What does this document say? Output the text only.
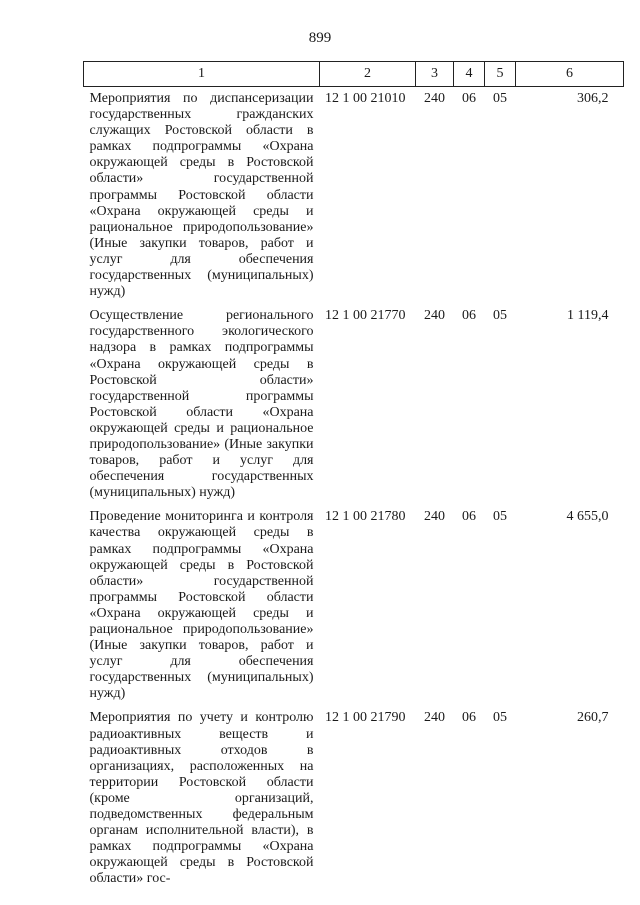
899
1	2	3	4	5	6
Мероприятия по диспансеризации государственных гражданских служащих Ростовской области в рамках подпрограммы «Охрана окружающей среды в Ростовской области» государственной программы Ростовской области «Охрана окружающей среды и рациональное природопользование» (Иные закупки товаров, работ и услуг для обеспечения государственных (муниципальных) нужд)	12 1 00 21010	240	06	05	306,2
Осуществление регионального государственного экологического надзора в рамках подпрограммы «Охрана окружающей среды в Ростовской области» государственной программы Ростовской области «Охрана окружающей среды и рациональное природопользование» (Иные закупки товаров, работ и услуг для обеспечения государственных (муниципальных) нужд)	12 1 00 21770	240	06	05	1 119,4
Проведение мониторинга и контроля качества окружающей среды в рамках подпрограммы «Охрана окружающей среды в Ростовской области» государственной программы Ростовской области «Охрана окружающей среды и рациональное природопользование» (Иные закупки товаров, работ и услуг для обеспечения государственных (муниципальных) нужд)	12 1 00 21780	240	06	05	4 655,0
Мероприятия по учету и контролю радиоактивных веществ и радиоактивных отходов в организациях, расположенных на территории Ростовской области (кроме организаций, подведомственных федеральным органам исполнительной власти), в рамках подпрограммы «Охрана окружающей среды в Ростовской области» гос-	12 1 00 21790	240	06	05	260,7
